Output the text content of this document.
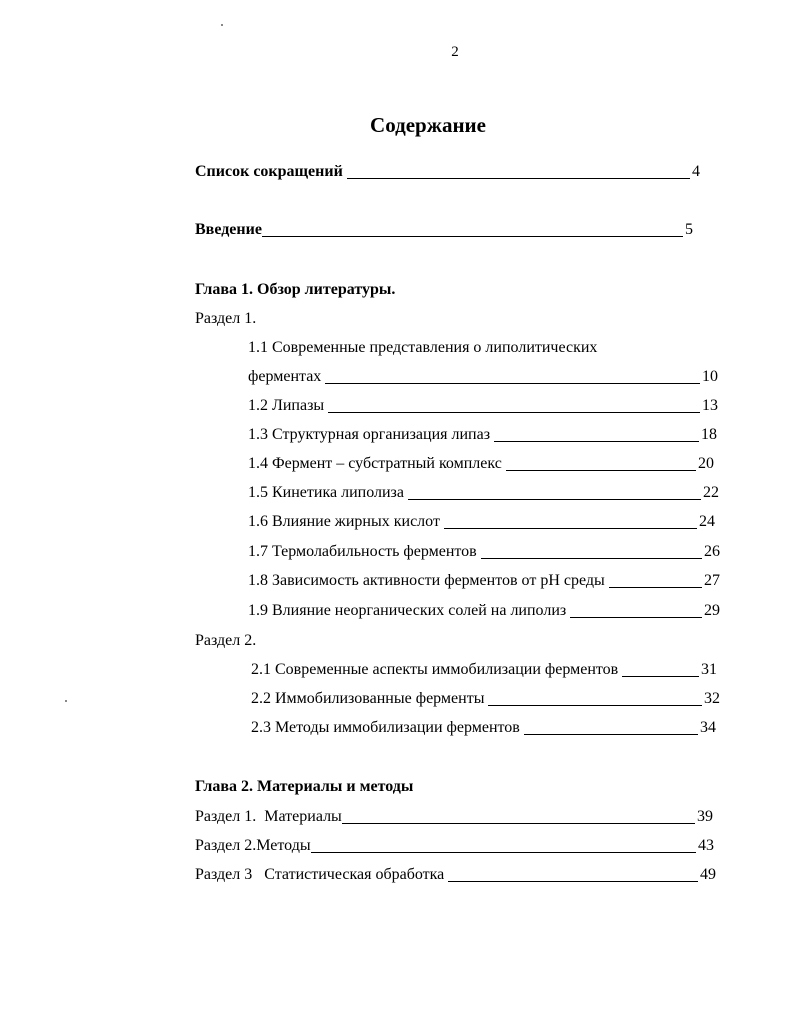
2
Содержание
Список сокращений	4
Введение	5
Глава 1. Обзор литературы.
Раздел 1.
1.1 Современные представления о липолитических
ферментах	10
1.2 Липазы	13
1.3 Структурная организация липаз	18
1.4 Фермент – субстратный комплекс	20
1.5 Кинетика липолиза	22
1.6 Влияние жирных кислот	24
1.7 Термолабильность ферментов	26
1.8 Зависимость активности ферментов от pH среды	27
1.9 Влияние неорганических солей на липолиз	29
Раздел 2.
2.1 Современные аспекты иммобилизации ферментов	31
2.2 Иммобилизованные ферменты	32
2.3 Методы иммобилизации ферментов	34
Глава 2. Материалы и методы
Раздел 1.  Материалы	39
Раздел 2.Методы	43
Раздел 3   Статистическая обработка	49
